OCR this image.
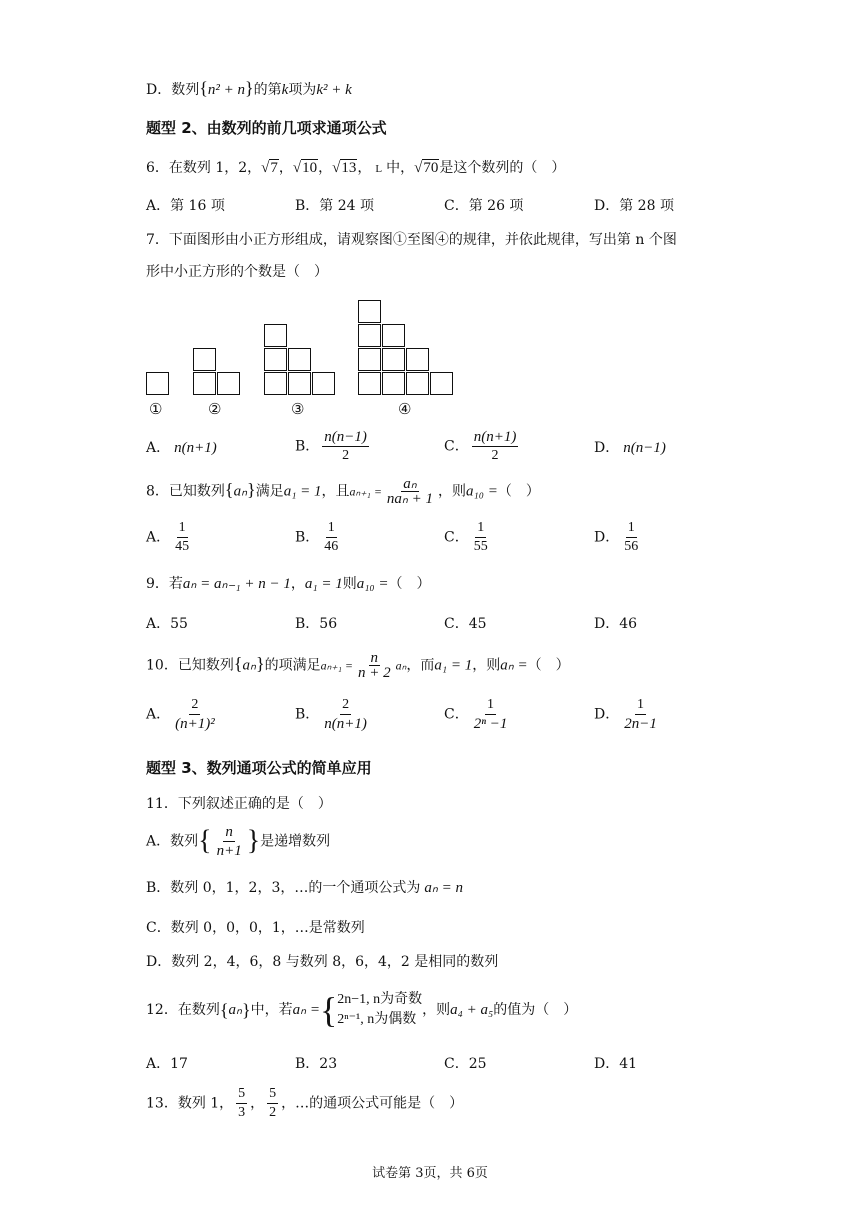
D．数列{n² + n}的第k项为k² + k
题型 2、由数列的前几项求通项公式
6．在数列 1，2，√7，√10，√13， L 中，√70是这个数列的（　）
A．第 16 项	B．第 24 项	C．第 26 项	D．第 28 项
7．下面图形由小正方形组成，请观察图①至图④的规律，并依此规律，写出第 n 个图
形中小正方形的个数是（　）
①	②	③	④
A． n(n+1)	B． $\frac{n(n-1)}{2}$	C． $\frac{n(n+1)}{2}$	D． n(n−1)
8．已知数列{aₙ}满足a₁ = 1，且$a_{n+1} = \frac{\text{aₙ}}{\text{naₙ + 1}}$ ，则a₁₀ =（　）
A． $\frac{1}{45}$	B． $\frac{1}{46}$	C． $\frac{1}{55}$	D． $\frac{1}{56}$
9．若aₙ = aₙ₋₁ + n − 1，a₁ = 1则a₁₀ =（　）
A．55	B．56	C．45	D．46
10．已知数列{aₙ}的项满足$a_{n+1} = \frac{n}{n + 2}$ aₙ，而a₁ = 1，则aₙ =（　）
A． $\frac{2}{\text{(n+1)²}}$	B． $\frac{2}{n(n+1)}$	C． $\frac{1}{\text{2ⁿ −1}}$	D． $\frac{1}{2n-1}$
题型 3、数列通项公式的简单应用
11．下列叙述正确的是（　）
A．数列{ $\frac{n}{n+1}$ }是递增数列
B．数列 0，1，2，3，…的一个通项公式为 aₙ = n
C．数列 0，0，0，1，…是常数列
D．数列 2，4，6，8 与数列 8，6，4，2 是相同的数列
12．在数列{aₙ}中，若aₙ ={ 2n−1, n为奇数
2ⁿ⁻¹, n为偶数
，则a₄ + a₅的值为（　）
A．17	B．23	C．25	D．41
13．数列 1， $\frac{5}{3}$ ， $\frac{5}{2}$ ，…的通项公式可能是（　）
试卷第 3页，共 6页
